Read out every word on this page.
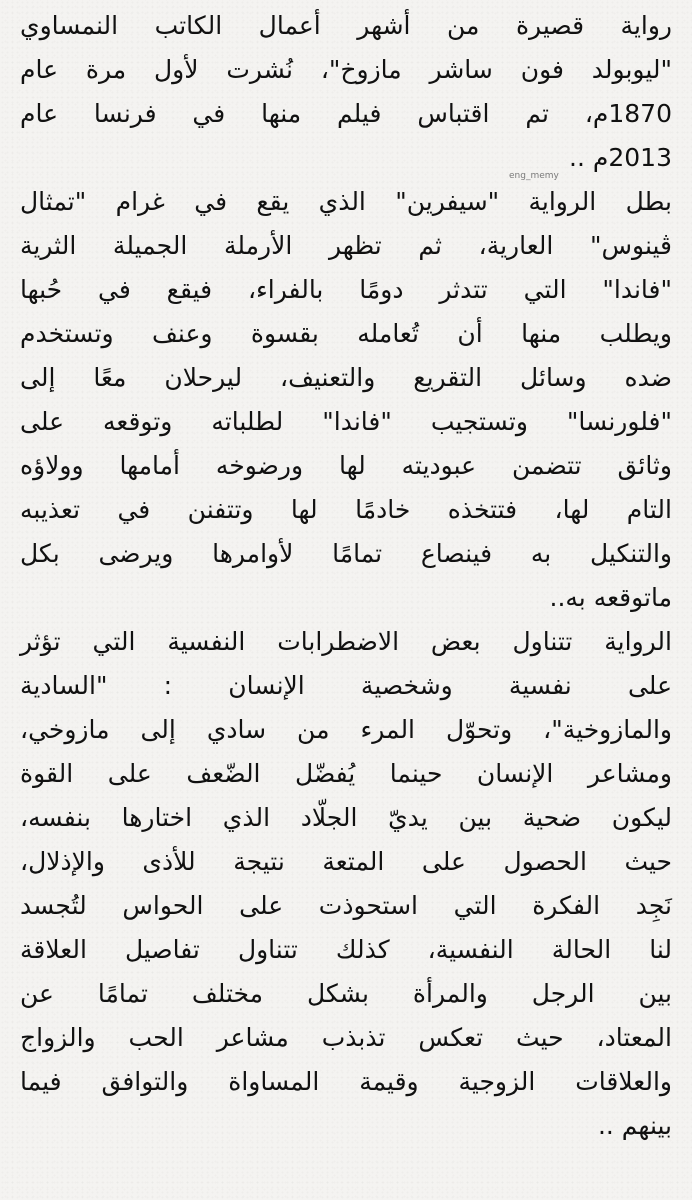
رواية قصيرة من أشهر أعمال الكاتب النمساوي
"ليوبولد فون ساشر مازوخ"، نُشرت لأول مرة عام
1870م، تم اقتباس فيلم منها في فرنسا عام
2013م ..
بطل الرواية "سيفرين" الذي يقع في غرام "تمثال
ڤينوس" العارية، ثم تظهر الأرملة الجميلة الثرية
"فاندا" التي تتدثر دومًا بالفراء، فيقع في حُبها
ويطلب منها أن تُعامله بقسوة وعنف وتستخدم
ضده وسائل التقريع والتعنيف، ليرحلان معًا إلى
"فلورنسا" وتستجيب "فاندا" لطلباته وتوقعه على
وثائق تتضمن عبوديته لها ورضوخه أمامها وولاؤه
التام لها، فتتخذه خادمًا لها وتتفنن في تعذيبه
والتنكيل به فينصاع تمامًا لأوامرها ويرضى بكل
ماتوقعه به..
الرواية تتناول بعض الاضطرابات النفسية التي تؤثر
على نفسية وشخصية الإنسان : "السادية
والمازوخية"، وتحوّل المرء من سادي إلى مازوخي،
ومشاعر الإنسان حينما يُفضّل الضّعف على القوة
ليكون ضحية بين يديّ الجلّاد الذي اختارها بنفسه،
حيث الحصول على المتعة نتيجة للأذى والإذلال،
نَجِد الفكرة التي استحوذت على الحواس لتُجسد
لنا الحالة النفسية، كذلك تتناول تفاصيل العلاقة
بين الرجل والمرأة بشكل مختلف تمامًا عن
المعتاد، حيث تعكس تذبذب مشاعر الحب والزواج
والعلاقات الزوجية وقيمة المساواة والتوافق فيما
بينهم ..
eng_memy
